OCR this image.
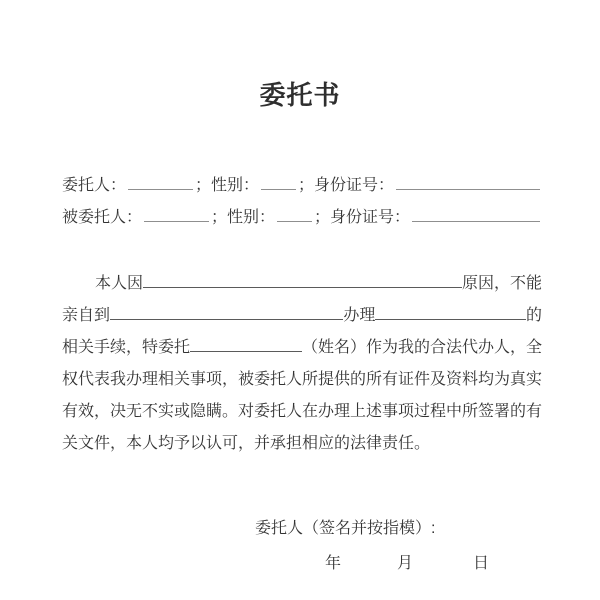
委托书
委托人：	；性别： ；身份证号：
被委托人：	；性别： ；身份证号：
本人因	原因，不能
亲自到	办理	的
相关手续，特委托	（姓名）作为我的合法代办人，全
权代表我办理相关事项，被委托人所提供的所有证件及资料均为真实
有效，决无不实或隐瞒。对委托人在办理上述事项过程中所签署的有
关文件，本人均予以认可，并承担相应的法律责任。
委托人（签名并按指模）:
年	月	日
